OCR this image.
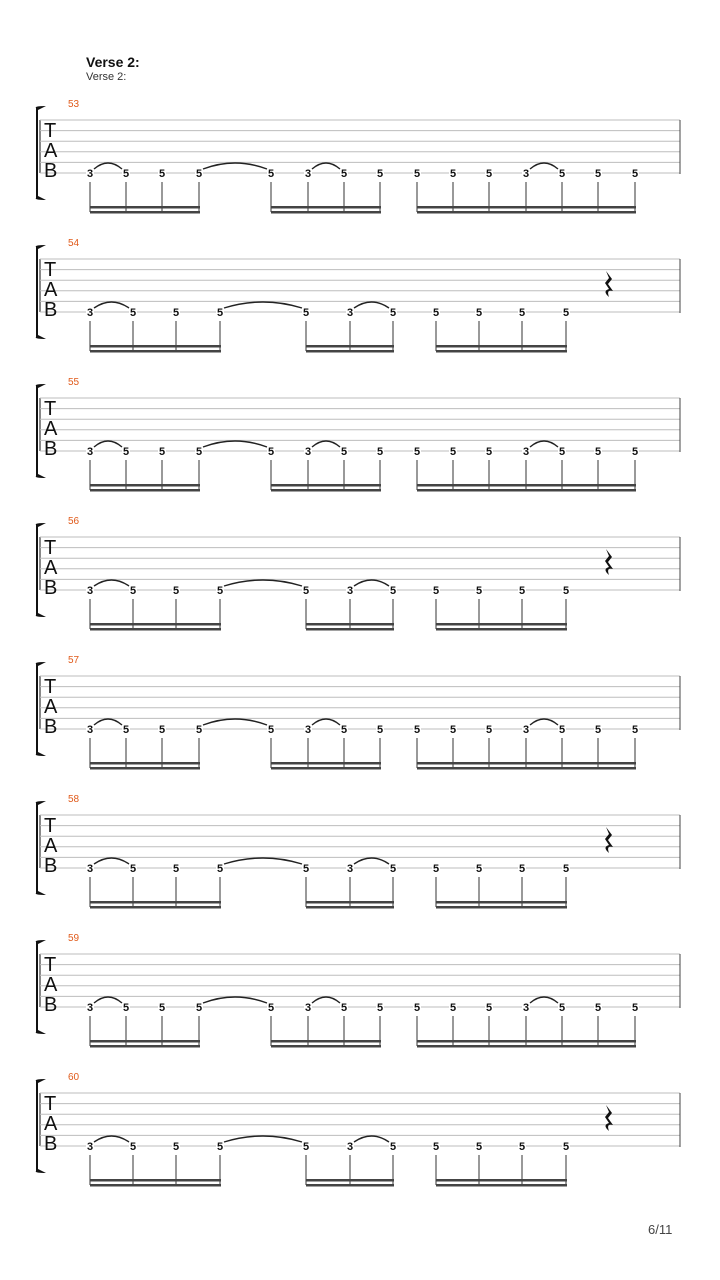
Verse 2:
Verse 2:
53
T
A
B	3	5	5	5	5	3	5	5	5	5	5	3	5	5	5
54
T
A
B	3	5	5	5	5	3	5	5	5	5	5
55
T
A
B	3	5	5	5	5	3	5	5	5	5	5	3	5	5	5
56
T
A
B	3	5	5	5	5	3	5	5	5	5	5
57
T
A
B	3	5	5	5	5	3	5	5	5	5	5	3	5	5	5
58
T
A
B	3	5	5	5	5	3	5	5	5	5	5
59
T
A
B	3	5	5	5	5	3	5	5	5	5	5	3	5	5	5
60
T
A
B	3	5	5	5	5	3	5	5	5	5	5
6/11
